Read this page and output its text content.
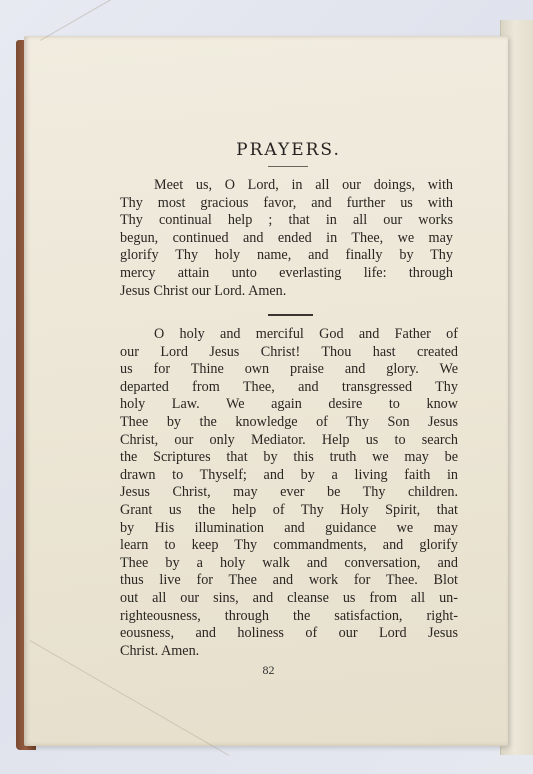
PRAYERS.
Meet us, O Lord, in all our doings, with
Thy most gracious favor, and further us with
Thy continual help ; that in all our works
begun, continued and ended in Thee, we may
glorify Thy holy name, and finally by Thy
mercy attain unto everlasting life: through
Jesus Christ our Lord. Amen.
O holy and merciful God and Father of
our Lord Jesus Christ! Thou hast created
us for Thine own praise and glory. We
departed from Thee, and transgressed Thy
holy Law. We again desire to know
Thee by the knowledge of Thy Son Jesus
Christ, our only Mediator. Help us to search
the Scriptures that by this truth we may be
drawn to Thyself; and by a living faith in
Jesus Christ, may ever be Thy children.
Grant us the help of Thy Holy Spirit, that
by His illumination and guidance we may
learn to keep Thy commandments, and glorify
Thee by a holy walk and conversation, and
thus live for Thee and work for Thee. Blot
out all our sins, and cleanse us from all un-
righteousness, through the satisfaction, right-
eousness, and holiness of our Lord Jesus
Christ. Amen.
82
